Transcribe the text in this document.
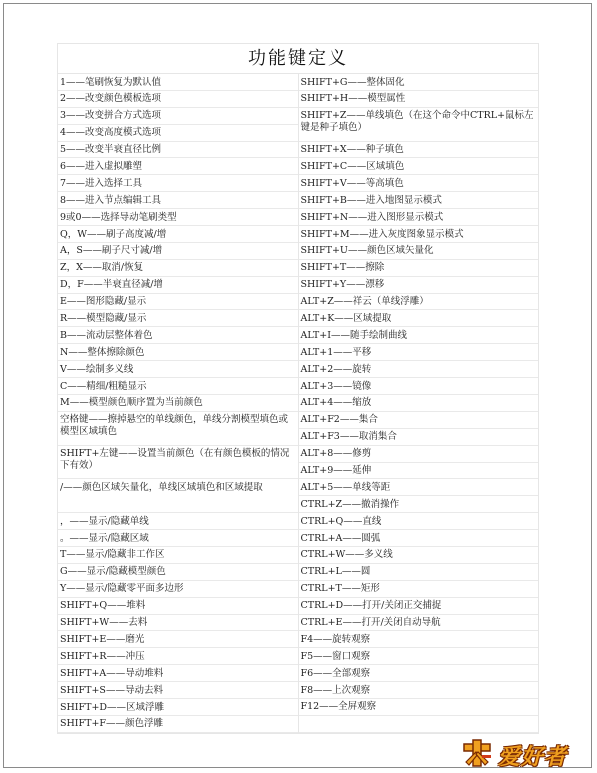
功能键定义
1——笔刷恢复为默认值
2——改变颜色模板选项
3——改变拼合方式选项
4——改变高度模式选项
5——改变半衰直径比例
6——进入虚拟雕塑
7——进入选择工具
8——进入节点编辑工具
9或0——选择导动笔刷类型
Q，W——刷子高度减/增
A，S——刷子尺寸减/增
Z，X——取消/恢复
D，F——半衰直径减/增
E——图形隐藏/显示
R——模型隐藏/显示
B——流动层整体着色
N——整体擦除颜色
V——绘制多义线
C——精细/粗糙显示
M——模型颜色顺序置为当前颜色
空格键——擦掉悬空的单线颜色，单线分割模型填色或模型区域填色
SHIFT+左键——设置当前颜色（在有颜色模板的情况下有效）
/——颜色区域矢量化，单线区域填色和区域提取
，——显示/隐藏单线
。——显示/隐藏区域
T——显示/隐藏非工作区
G——显示/隐藏模型颜色
Y——显示/隐藏零平面多边形
SHIFT+Q——堆料
SHIFT+W——去料
SHIFT+E——磨光
SHIFT+R——冲压
SHIFT+A——导动堆料
SHIFT+S——导动去料
SHIFT+D——区域浮雕
SHIFT+F——颜色浮雕
SHIFT+G——整体固化
SHIFT+H——模型属性
SHIFT+Z——单线填色（在这个命令中CTRL+鼠标左键是种子填色）
SHIFT+X——种子填色
SHIFT+C——区域填色
SHIFT+V——等高填色
SHIFT+B——进入地图显示模式
SHIFT+N——进入图形显示模式
SHIFT+M——进入灰度图象显示模式
SHIFT+U——颜色区域矢量化
SHIFT+T——擦除
SHIFT+Y——漂移
ALT+Z——祥云（单线浮雕）
ALT+K——区域提取
ALT+I——随手绘制曲线
ALT+1——平移
ALT+2——旋转
ALT+3——镜像
ALT+4——缩放
ALT+F2——集合
ALT+F3——取消集合
ALT+8——修剪
ALT+9——延伸
ALT+5——单线等距
CTRL+Z——撤消操作
CTRL+Q——直线
CTRL+A——圆弧
CTRL+W——多义线
CTRL+L——圆
CTRL+T——矩形
CTRL+D——打开/关闭正交捕捉
CTRL+E——打开/关闭自动导航
F4——旋转观察
F5——窗口观察
F6——全部观察
F8——上次观察
F12——全屏观察
爱好者
